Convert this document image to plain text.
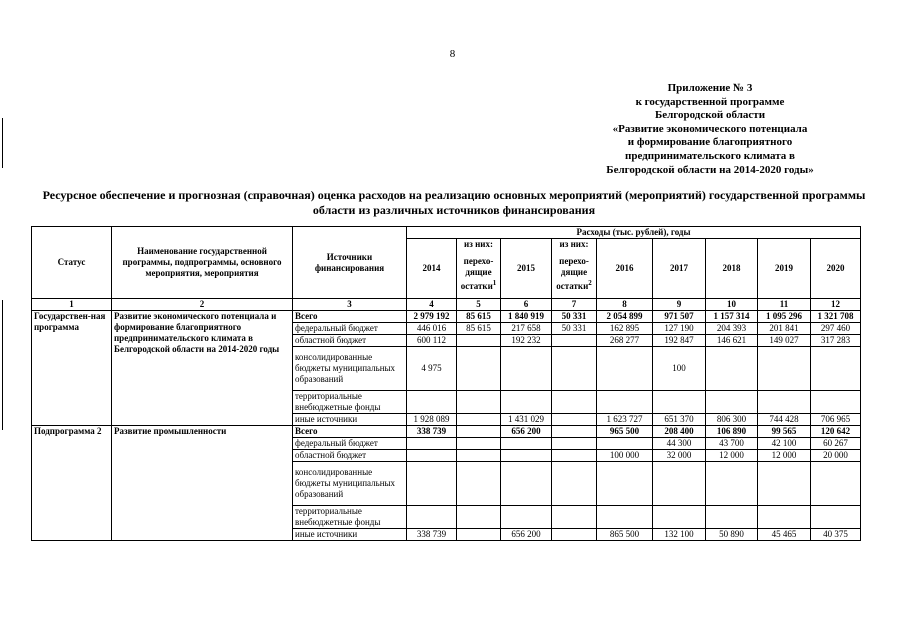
8
Приложение № 3
к государственной программе
Белгородской области
«Развитие экономического потенциала
и формирование благоприятного
предпринимательского климата в
Белгородской области на 2014-2020 годы»
Ресурсное обеспечение и прогнозная (справочная) оценка расходов на реализацию основных мероприятий (мероприятий) государственной программы области из различных источников финансирования
Статус	Наименование государственной программы, подпрограммы, основного мероприятия, мероприятия	Источники финансирования	Расходы (тыс. рублей), годы								
			2014	из них:	2015	из них:	2016	2017	2018	2019	2020
				перехо-дящие остатки$^1$		перехо-дящие остатки$^2$
1	2	3	4	5	6	7	8	9	10	11	12
Государствен-ная программа	Развитие экономического потенциала и формирование благоприятного предпринимательского климата в Белгородской области на 2014-2020 годы	Всего	2 979 192	85 615	1 840 919	50 331	2 054 899	971 507	1 157 314	1 095 296	1 321 708
		федеральный бюджет	446 016	85 615	217 658	50 331	162 895	127 190	204 393	201 841	297 460
		областной бюджет	600 112		192 232		268 277	192 847	146 621	149 027	317 283
		консолидированные бюджеты муниципальных образований	4 975					100			
		территориальные внебюджетные фонды									
		иные источники	1 928 089		1 431 029		1 623 727	651 370	806 300	744 428	706 965
Подпрограмма 2	Развитие промышленности	Всего	338 739		656 200		965 500	208 400	106 890	99 565	120 642
		федеральный бюджет						44 300	43 700	42 100	60 267
		областной бюджет					100 000	32 000	12 000	12 000	20 000
		консолидированные бюджеты муниципальных образований									
		территориальные внебюджетные фонды									
		иные источники	338 739		656 200		865 500	132 100	50 890	45 465	40 375
